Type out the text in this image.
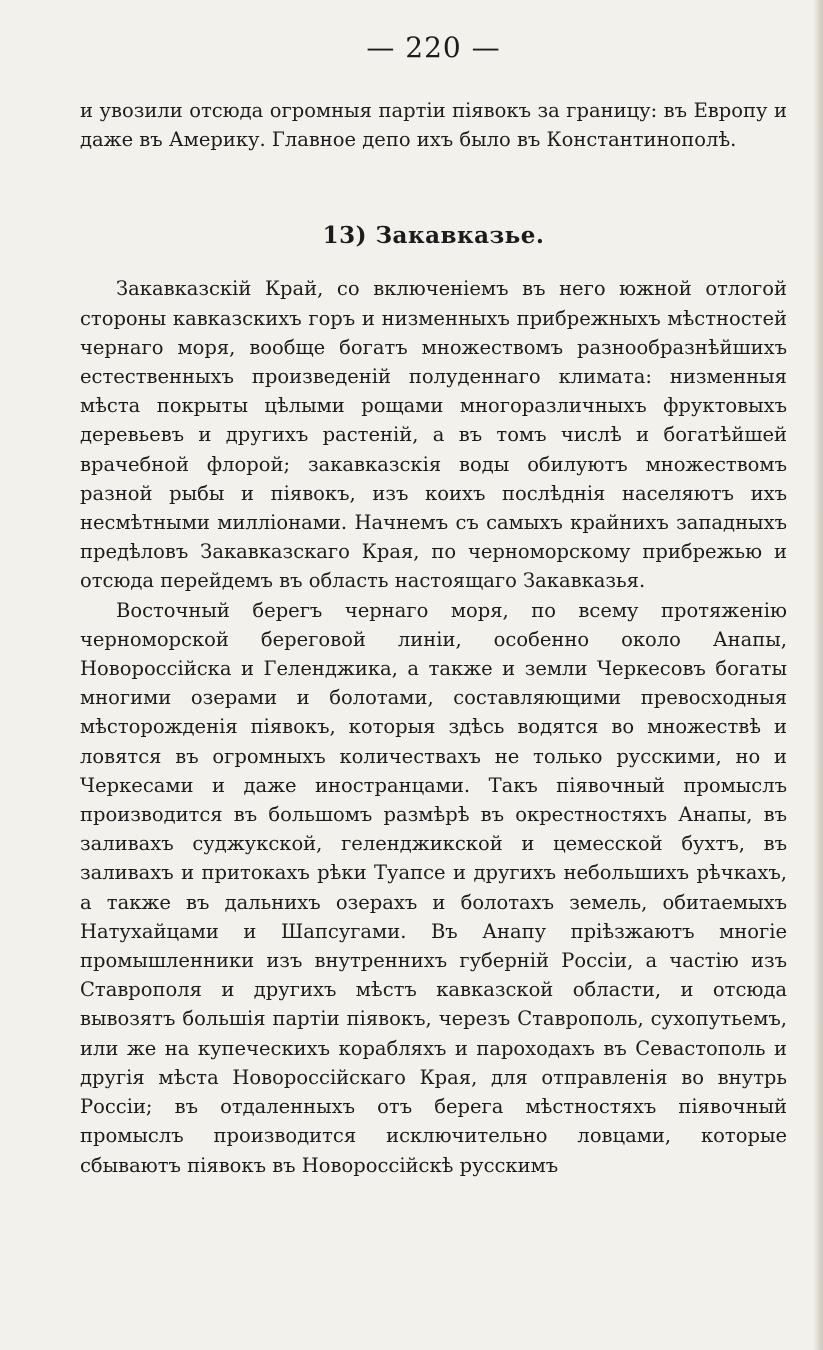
— 220 —

и увозили отсюда огромныя партіи піявокъ за границу: въ Европу и даже въ Америку. Главное депо ихъ было въ Константинополѣ.

13) Закавказье.

Закавказскій Край, со включеніемъ въ него южной отлогой стороны кавказскихъ горъ и низменныхъ прибрежныхъ мѣстностей чернаго моря, вообще богатъ множествомъ разнообразнѣйшихъ естественныхъ произведеній полуденнаго климата: низменныя мѣста покрыты цѣлыми рощами многоразличныхъ фруктовыхъ деревьевъ и другихъ растеній, а въ томъ числѣ и богатѣйшей врачебной флорой; закавказскія воды обилуютъ множествомъ разной рыбы и піявокъ, изъ коихъ послѣднія населяютъ ихъ несмѣтными милліонами. Начнемъ съ самыхъ крайнихъ западныхъ предѣловъ Закавказскаго Края, по черноморскому прибрежью и отсюда перейдемъ въ область настоящаго Закавказья.

Восточный берегъ чернаго моря, по всему протяженію черноморской береговой линіи, особенно около Анапы, Новороссійска и Геленджика, а также и земли Черкесовъ богаты многими озерами и болотами, составляющими превосходныя мѣсторожденія піявокъ, которыя здѣсь водятся во множествѣ и ловятся въ огромныхъ количествахъ не только русскими, но и Черкесами и даже иностранцами. Такъ піявочный промыслъ производится въ большомъ размѣрѣ въ окрестностяхъ Анапы, въ заливахъ суджукской, геленджикской и цемесской бухтъ, въ заливахъ и притокахъ рѣки Туапсе и другихъ небольшихъ рѣчкахъ, а также въ дальнихъ озерахъ и болотахъ земель, обитаемыхъ Натухайцами и Шапсугами. Въ Анапу пріѣзжаютъ многіе промышленники изъ внутреннихъ губерній Россіи, а частію изъ Ставрополя и другихъ мѣстъ кавказской области, и отсюда вывозятъ большія партіи піявокъ, черезъ Ставрополь, сухопутьемъ, или же на купеческихъ корабляхъ и пароходахъ въ Севастополь и другія мѣста Новороссійскаго Края, для отправленія во внутрь Россіи; въ отдаленныхъ отъ берега мѣстностяхъ піявочный промыслъ производится исключительно ловцами, которые сбываютъ піявокъ въ Новороссійскѣ русскимъ
